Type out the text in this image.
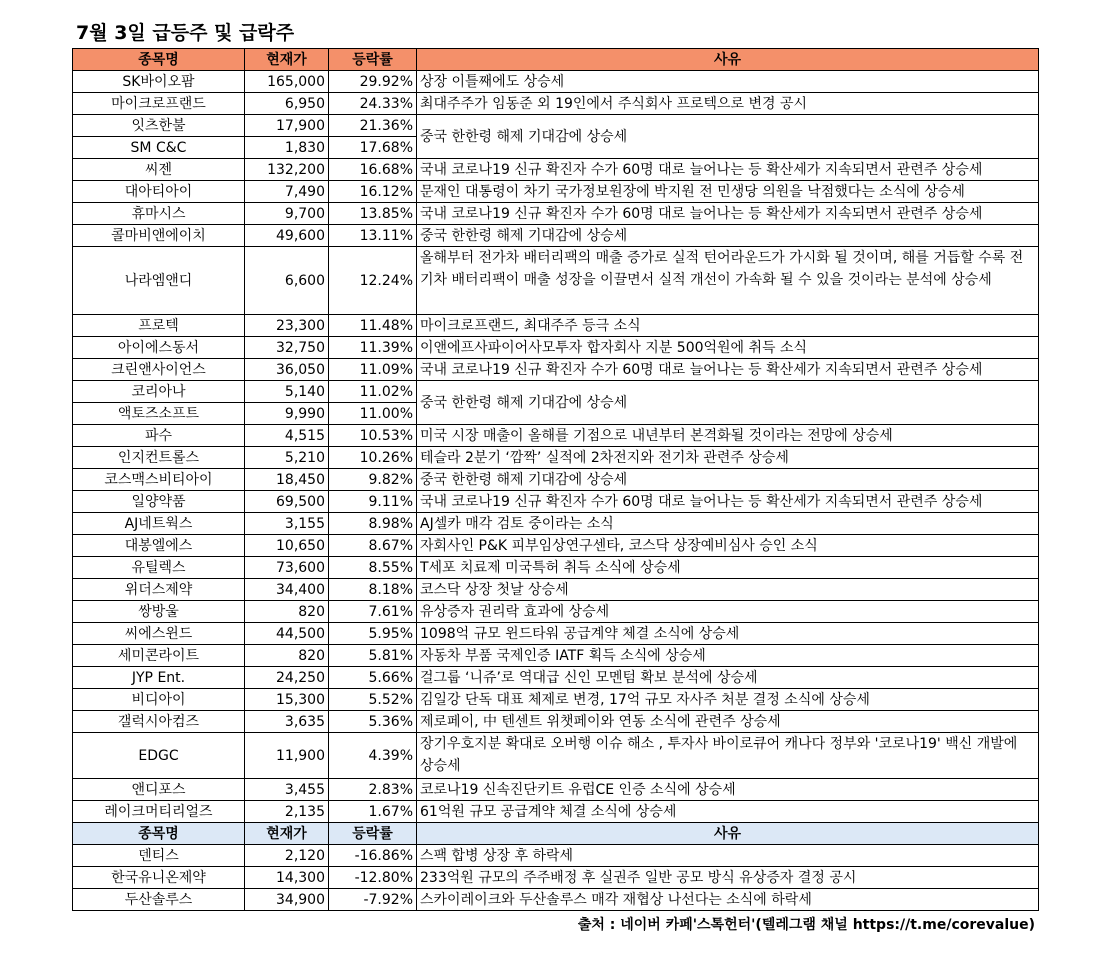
7월 3일 급등주 및 급락주
종목명	현재가	등락률	사유
SK바이오팜	165,000	29.92%	상장 이틀째에도 상승세
마이크로프랜드	6,950	24.33%	최대주주가 임동준 외 19인에서 주식회사 프로텍으로 변경 공시
잇츠한불	17,900	21.36%	중국 한한령 해제 기대감에 상승세
SM C&C	1,830	17.68%	
씨젠	132,200	16.68%	국내 코로나19 신규 확진자 수가 60명 대로 늘어나는 등 확산세가 지속되면서 관련주 상승세
대아티아이	7,490	16.12%	문재인 대통령이 차기 국가정보원장에 박지원 전 민생당 의원을 낙점했다는 소식에 상승세
휴마시스	9,700	13.85%	국내 코로나19 신규 확진자 수가 60명 대로 늘어나는 등 확산세가 지속되면서 관련주 상승세
콜마비앤에이치	49,600	13.11%	중국 한한령 해제 기대감에 상승세
나라엠앤디	6,600	12.24%	올해부터 전가차 배터리팩의 매출 증가로 실적 턴어라운드가 가시화 될 것이며, 해를 거듭할 수록 전기차 배터리팩이 매출 성장을 이끌면서 실적 개선이 가속화 될 수 있을 것이라는 분석에 상승세
프로텍	23,300	11.48%	마이크로프랜드, 최대주주 등극 소식
아이에스동서	32,750	11.39%	이앤에프사파이어사모투자 합자회사 지분 500억원에 취득 소식
크린앤사이언스	36,050	11.09%	국내 코로나19 신규 확진자 수가 60명 대로 늘어나는 등 확산세가 지속되면서 관련주 상승세
코리아나	5,140	11.02%	중국 한한령 해제 기대감에 상승세
액토즈소프트	9,990	11.00%	
파수	4,515	10.53%	미국 시장 매출이 올해를 기점으로 내년부터 본격화될 것이라는 전망에 상승세
인지컨트롤스	5,210	10.26%	테슬라 2분기 ‘깜짝’ 실적에 2차전지와 전기차 관련주 상승세
코스맥스비티아이	18,450	9.82%	중국 한한령 해제 기대감에 상승세
일양약품	69,500	9.11%	국내 코로나19 신규 확진자 수가 60명 대로 늘어나는 등 확산세가 지속되면서 관련주 상승세
AJ네트웍스	3,155	8.98%	AJ셀카 매각 검토 중이라는 소식
대봉엘에스	10,650	8.67%	자회사인 P&K 피부임상연구센타, 코스닥 상장예비심사 승인 소식
유틸렉스	73,600	8.55%	T세포 치료제 미국특허 취득 소식에 상승세
위더스제약	34,400	8.18%	코스닥 상장 첫날 상승세
쌍방울	820	7.61%	유상증자 권리락 효과에 상승세
씨에스윈드	44,500	5.95%	1098억 규모 윈드타워 공급계약 체결 소식에 상승세
세미콘라이트	820	5.81%	자동차 부품 국제인증 IATF 획득 소식에 상승세
JYP Ent.	24,250	5.66%	걸그룹 ‘니쥬’로 역대급 신인 모멘텀 확보 분석에 상승세
비디아이	15,300	5.52%	김일강 단독 대표 체제로 변경, 17억 규모 자사주 처분 결정 소식에 상승세
갤럭시아컴즈	3,635	5.36%	제로페이, 中 텐센트 위챗페이와 연동 소식에 관련주 상승세
EDGC	11,900	4.39%	장기우호지분 확대로 오버행 이슈 해소 , 투자사 바이로큐어 캐나다 정부와 '코로나19' 백신 개발에 상승세
앤디포스	3,455	2.83%	코로나19 신속진단키트 유럽CE 인증 소식에 상승세
레이크머티리얼즈	2,135	1.67%	61억원 규모 공급계약 체결 소식에 상승세
종목명	현재가	등락률	사유
덴티스	2,120	-16.86%	스팩 합병 상장 후 하락세
한국유니온제약	14,300	-12.80%	233억원 규모의 주주배정 후 실권주 일반 공모 방식 유상증자 결정 공시
두산솔루스	34,900	-7.92%	스카이레이크와 두산솔루스 매각 재협상 나선다는 소식에 하락세
출처 : 네이버 카페'스톡헌터'(텔레그램 채널 https://t.me/corevalue)
